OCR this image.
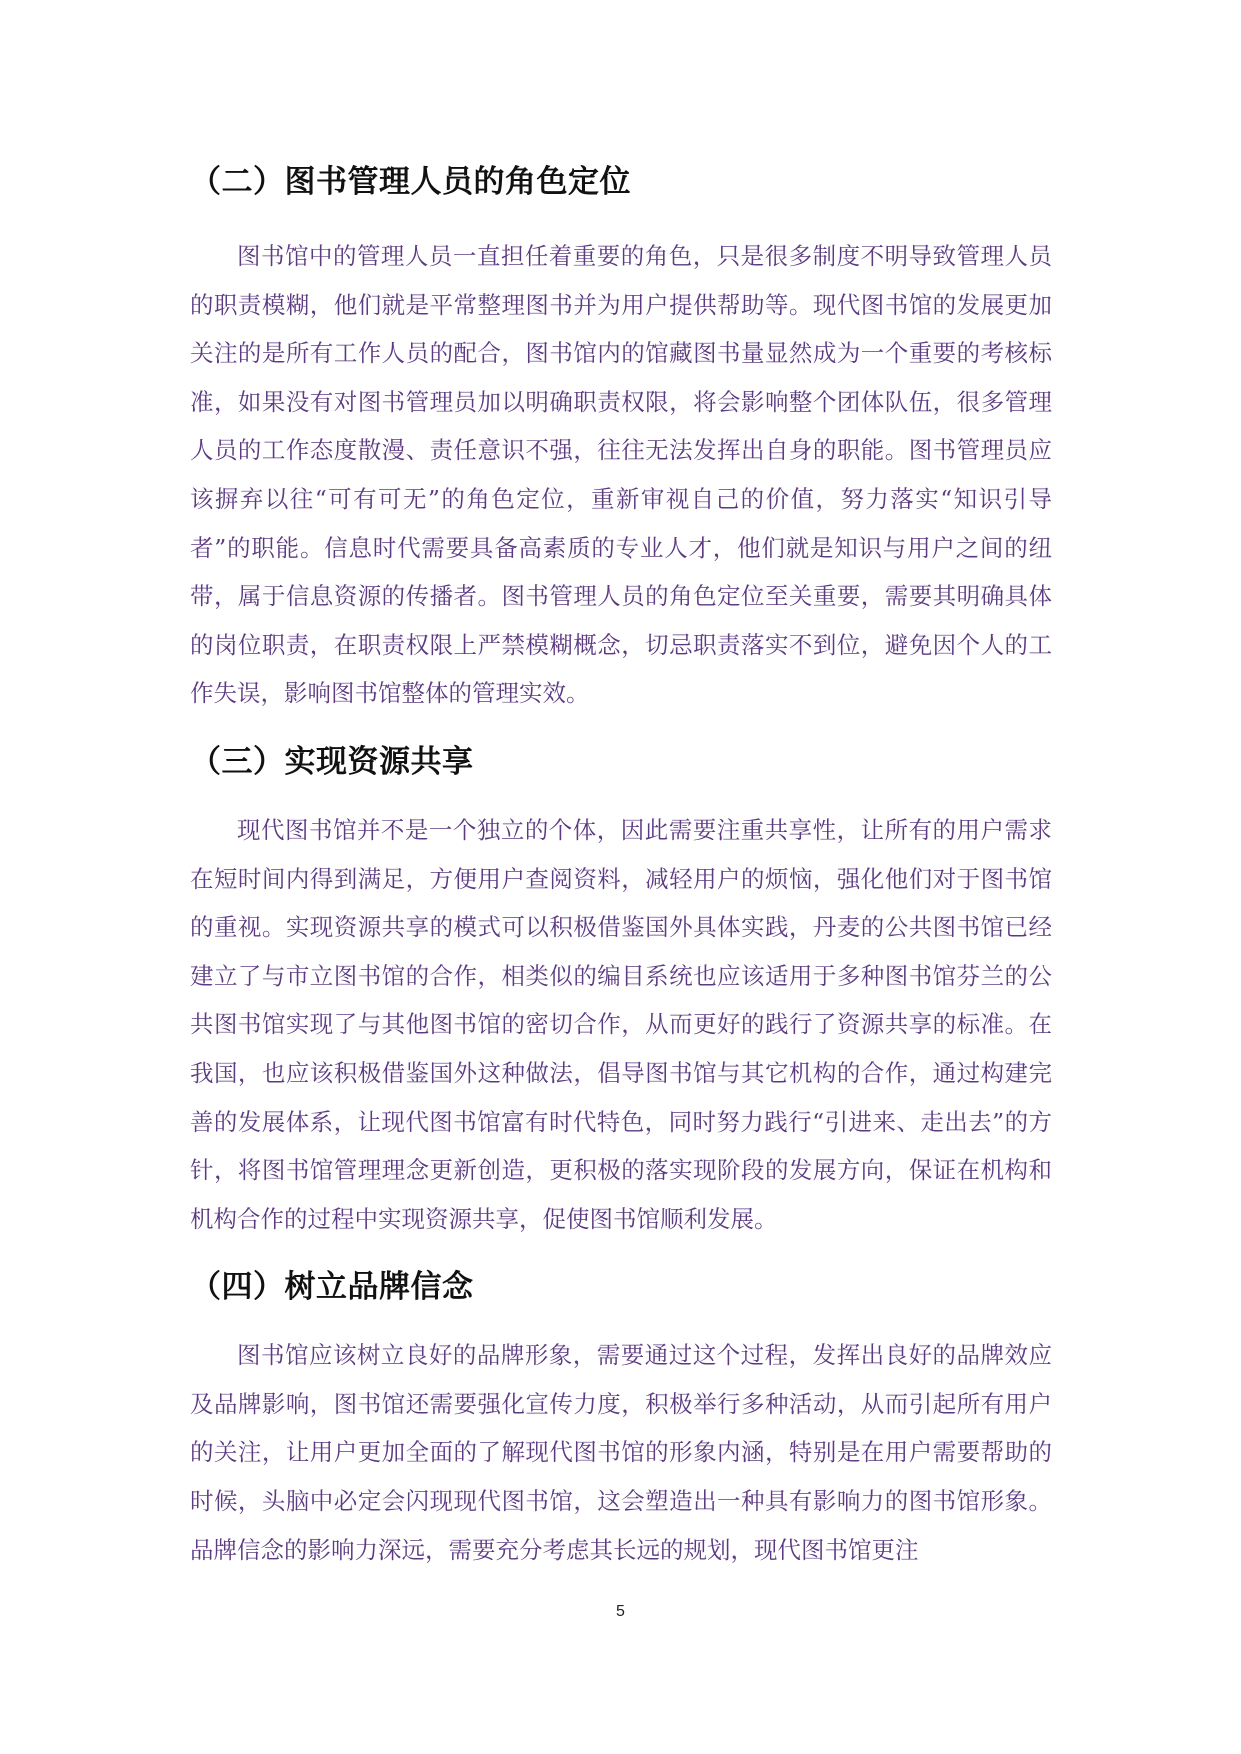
（二）图书管理人员的角色定位

图书馆中的管理人员一直担任着重要的角色，只是很多制度不明导致管理人员的职责模糊，他们就是平常整理图书并为用户提供帮助等。现代图书馆的发展更加关注的是所有工作人员的配合，图书馆内的馆藏图书量显然成为一个重要的考核标准，如果没有对图书管理员加以明确职责权限，将会影响整个团体队伍，很多管理人员的工作态度散漫、责任意识不强，往往无法发挥出自身的职能。图书管理员应该摒弃以往“可有可无”的角色定位，重新审视自己的价值，努力落实“知识引导者”的职能。信息时代需要具备高素质的专业人才，他们就是知识与用户之间的纽带，属于信息资源的传播者。图书管理人员的角色定位至关重要，需要其明确具体的岗位职责，在职责权限上严禁模糊概念，切忌职责落实不到位，避免因个人的工作失误，影响图书馆整体的管理实效。

（三）实现资源共享

现代图书馆并不是一个独立的个体，因此需要注重共享性，让所有的用户需求在短时间内得到满足，方便用户查阅资料，减轻用户的烦恼，强化他们对于图书馆的重视。实现资源共享的模式可以积极借鉴国外具体实践，丹麦的公共图书馆已经建立了与市立图书馆的合作，相类似的编目系统也应该适用于多种图书馆芬兰的公共图书馆实现了与其他图书馆的密切合作，从而更好的践行了资源共享的标准。在我国，也应该积极借鉴国外这种做法，倡导图书馆与其它机构的合作，通过构建完善的发展体系，让现代图书馆富有时代特色，同时努力践行“引进来、走出去”的方针，将图书馆管理理念更新创造，更积极的落实现阶段的发展方向，保证在机构和机构合作的过程中实现资源共享，促使图书馆顺利发展。

（四）树立品牌信念

图书馆应该树立良好的品牌形象，需要通过这个过程，发挥出良好的品牌效应及品牌影响，图书馆还需要强化宣传力度，积极举行多种活动，从而引起所有用户的关注，让用户更加全面的了解现代图书馆的形象内涵，特别是在用户需要帮助的时候，头脑中必定会闪现现代图书馆，这会塑造出一种具有影响力的图书馆形象。品牌信念的影响力深远，需要充分考虑其长远的规划，现代图书馆更注

5
